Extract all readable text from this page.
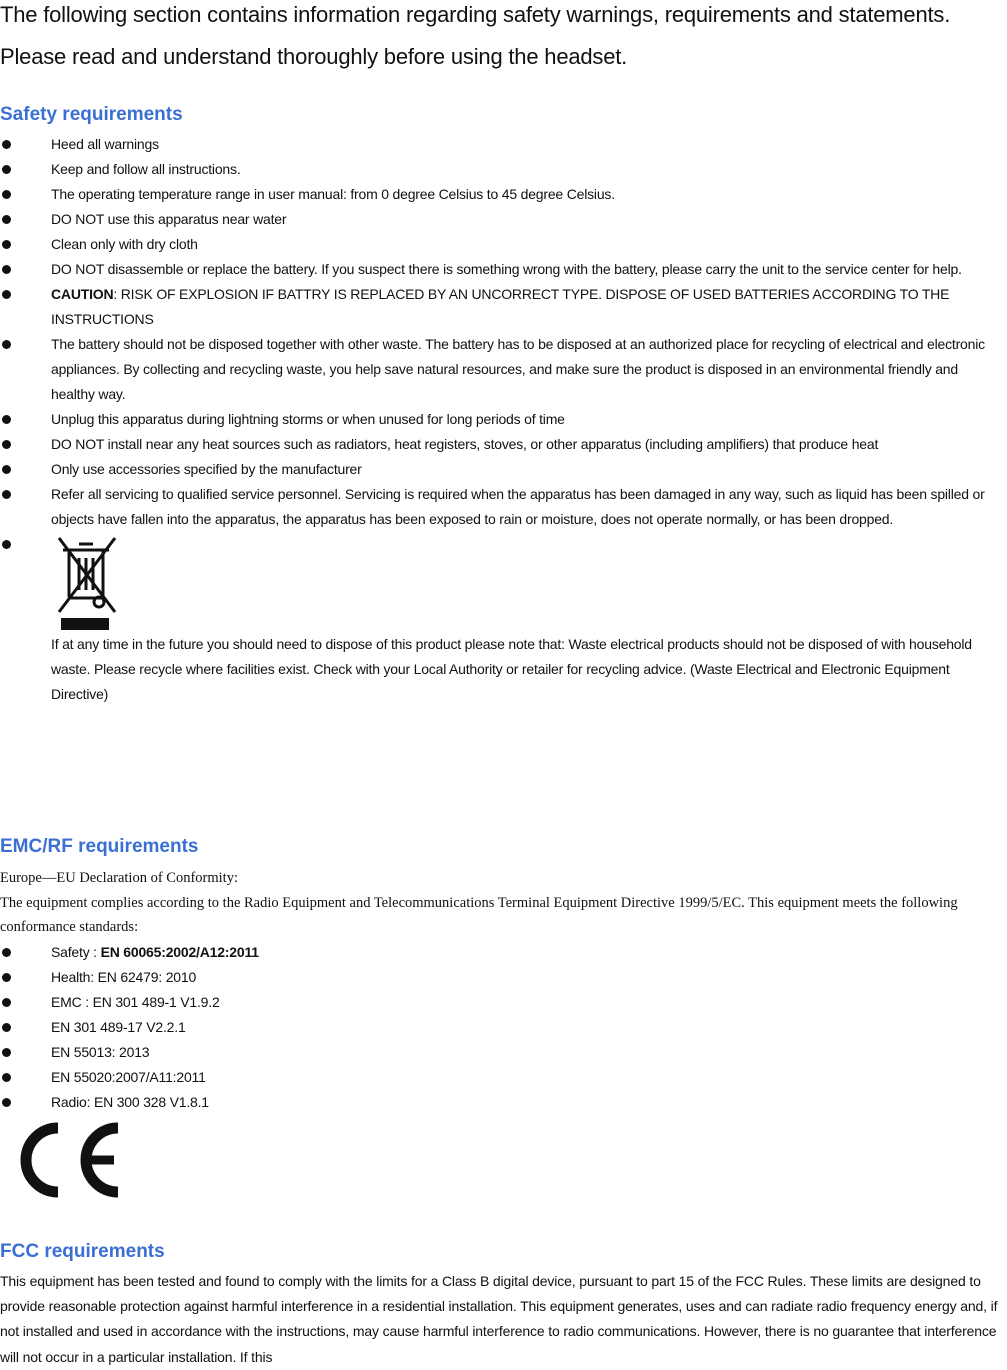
The following section contains information regarding safety warnings, requirements and statements. Please read and understand thoroughly before using the headset.
Safety requirements
Heed all warnings
Keep and follow all instructions.
The operating temperature range in user manual: from 0 degree Celsius to 45 degree Celsius.
DO NOT use this apparatus near water
Clean only with dry cloth
DO NOT disassemble or replace the battery. If you suspect there is something wrong with the battery, please carry the unit to the service center for help.
CAUTION: RISK OF EXPLOSION IF BATTRY IS REPLACED BY AN UNCORRECT TYPE. DISPOSE OF USED BATTERIES ACCORDING TO THE INSTRUCTIONS
The battery should not be disposed together with other waste. The battery has to be disposed at an authorized place for recycling of electrical and electronic appliances. By collecting and recycling waste, you help save natural resources, and make sure the product is disposed in an environmental friendly and healthy way.
Unplug this apparatus during lightning storms or when unused for long periods of time
DO NOT install near any heat sources such as radiators, heat registers, stoves, or other apparatus (including amplifiers) that produce heat
Only use accessories specified by the manufacturer
Refer all servicing to qualified service personnel. Servicing is required when the apparatus has been damaged in any way, such as liquid has been spilled or objects have fallen into the apparatus, the apparatus has been exposed to rain or moisture, does not operate normally, or has been dropped.
If at any time in the future you should need to dispose of this product please note that: Waste electrical products should not be disposed of with household waste. Please recycle where facilities exist. Check with your Local Authority or retailer for recycling advice. (Waste Electrical and Electronic Equipment Directive)
EMC/RF requirements
Europe—EU Declaration of Conformity:
The equipment complies according to the Radio Equipment and Telecommunications Terminal Equipment Directive 1999/5/EC. This equipment meets the following conformance standards:
Safety : EN 60065:2002/A12:2011
Health: EN 62479: 2010
EMC : EN 301 489-1 V1.9.2
EN 301 489-17 V2.2.1
EN 55013: 2013
EN 55020:2007/A11:2011
Radio: EN 300 328 V1.8.1
FCC requirements
This equipment has been tested and found to comply with the limits for a Class B digital device, pursuant to part 15 of the FCC Rules. These limits are designed to provide reasonable protection against harmful interference in a residential installation. This equipment generates, uses and can radiate radio frequency energy and, if not installed and used in accordance with the instructions, may cause harmful interference to radio communications. However, there is no guarantee that interference will not occur in a particular installation. If this
